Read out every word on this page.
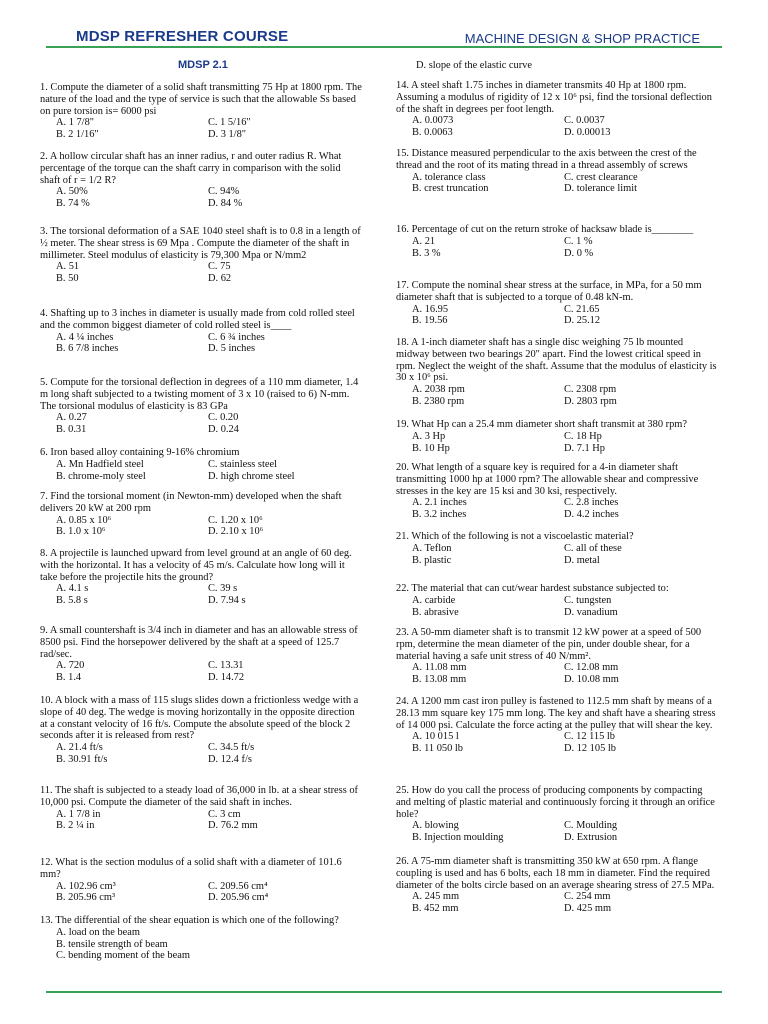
MDSP REFRESHER COURSE	MACHINE DESIGN & SHOP PRACTICE
MDSP 2.1
1. Compute the diameter of a solid shaft transmitting 75 Hp at 1800 rpm. The nature of the load and the type of service is such that the allowable Ss based on pure torsion is= 6000 psi
A. 1 7/8"	C. 1 5/16"
B. 2 1/16"	D. 3 1/8"
2. A hollow circular shaft has an inner radius, r and outer radius R. What percentage of the torque can the shaft carry in comparison with the solid shaft of r = 1/2 R?
A. 50%	C. 94%
B. 74 %	D. 84 %
3. The torsional deformation of a SAE 1040 steel shaft is to 0.8 in a length of ½ meter. The shear stress is 69 Mpa . Compute the diameter of the shaft in millimeter. Steel modulus of elasticity is 79,300 Mpa or N/mm2
A. 51	C. 75
B. 50	D. 62
4. Shafting up to 3 inches in diameter is usually made from cold rolled steel and the common biggest diameter of cold rolled steel is____
A. 4 ¼ inches	C. 6 ¾ inches
B. 6 7/8 inches	D. 5 inches
5. Compute for the torsional deflection in degrees of a 110 mm diameter, 1.4 m long shaft subjected to a twisting moment of 3 x 10 (raised to 6) N-mm. The torsional modulus of elasticity is 83 GPa
A. 0.27	C. 0.20
B. 0.31	D. 0.24
6. Iron based alloy containing 9-16% chromium
A. Mn Hadfield steel	C. stainless steel
B. chrome-moly steel	D. high chrome steel
7. Find the torsional moment (in Newton-mm) developed when the shaft delivers 20 kW at 200 rpm
A. 0.85 x 10⁶	C. 1.20 x 10⁶
B. 1.0 x 10⁶	D. 2.10 x 10⁶
8. A projectile is launched upward from level ground at an angle of 60 deg. with the horizontal. It has a velocity of 45 m/s. Calculate how long will it take before the projectile hits the ground?
A. 4.1 s	C. 39 s
B. 5.8 s	D. 7.94 s
9. A small countershaft is 3/4 inch in diameter and has an allowable stress of 8500 psi. Find the horsepower delivered by the shaft at a speed of 125.7 rad/sec.
A. 720	C. 13.31
B. 1.4	D. 14.72
10. A block with a mass of 115 slugs slides down a frictionless wedge with a slope of 40 deg. The wedge is moving horizontally in the opposite direction at a constant velocity of 16 ft/s. Compute the absolute speed of the block 2 seconds after it is released from rest?
A. 21.4 ft/s	C. 34.5 ft/s
B. 30.91 ft/s	D. 12.4 f/s
11. The shaft is subjected to a steady load of 36,000 in lb. at a shear stress of 10,000 psi. Compute the diameter of the said shaft in inches.
A. 1 7/8 in	C. 3 cm
B. 2 ¼ in	D. 76.2 mm
12. What is the section modulus of a solid shaft with a diameter of 101.6 mm?
A. 102.96 cm³	C. 209.56 cm⁴
B. 205.96 cm³	D. 205.96 cm⁴
13. The differential of the shear equation is which one of the following?
A. load on the beam
B. tensile strength of beam
C. bending moment of the beam
D. slope of the elastic curve
14. A steel shaft 1.75 inches in diameter transmits 40 Hp at 1800 rpm. Assuming a modulus of rigidity of 12 x 10⁶ psi, find the torsional deflection of the shaft in degrees per foot length.
A. 0.0073	C. 0.0037
B. 0.0063	D. 0.00013
15. Distance measured perpendicular to the axis between the crest of the thread and the root of its mating thread in a thread assembly of screws
A. tolerance class	C. crest clearance
B. crest truncation	D. tolerance limit
16. Percentage of cut on the return stroke of hacksaw blade is________
A. 21	C. 1 %
B. 3 %	D. 0 %
17. Compute the nominal shear stress at the surface, in MPa, for a 50 mm diameter shaft that is subjected to a torque of 0.48 kN-m.
A. 16.95	C. 21.65
B. 19.56	D. 25.12
18. A 1-inch diameter shaft has a single disc weighing 75 lb mounted midway between two bearings 20" apart. Find the lowest critical speed in rpm. Neglect the weight of the shaft. Assume that the modulus of elasticity is 30 x 10⁶ psi.
A. 2038 rpm	C. 2308 rpm
B. 2380 rpm	D. 2803 rpm
19. What Hp can a 25.4 mm diameter short shaft transmit at 380 rpm?
A. 3 Hp	C. 18 Hp
B. 10 Hp	D. 7.1 Hp
20. What length of a square key is required for a 4-in diameter shaft transmitting 1000 hp at 1000 rpm? The allowable shear and compressive stresses in the key are 15 ksi and 30 ksi, respectively.
A. 2.1 inches	C. 2.8 inches
B. 3.2 inches	D. 4.2 inches
21. Which of the following is not a viscoelastic material?
A. Teflon	C. all of these
B. plastic	D. metal
22. The material that can cut/wear hardest substance subjected to:
A. carbide	C. tungsten
B. abrasive	D. vanadium
23. A 50-mm diameter shaft is to transmit 12 kW power at a speed of 500 rpm, determine the mean diameter of the pin, under double shear, for a material having a safe unit stress of 40 N/mm².
A. 11.08 mm	C. 12.08 mm
B. 13.08 mm	D. 10.08 mm
24. A 1200 mm cast iron pulley is fastened to 112.5 mm shaft by means of a 28.13 mm square key 175 mm long. The key and shaft have a shearing stress of 14 000 psi. Calculate the force acting at the pulley that will shear the key.
A. 10 015 l	C. 12 115 lb
B. 11 050 lb	D. 12 105 lb
25. How do you call the process of producing components by compacting and melting of plastic material and continuously forcing it through an orifice hole?
A. blowing	C. Moulding
B. Injection moulding	D. Extrusion
26. A 75-mm diameter shaft is transmitting 350 kW at 650 rpm. A flange coupling is used and has 6 bolts, each 18 mm in diameter. Find the required diameter of the bolts circle based on an average shearing stress of 27.5 MPa.
A. 245 mm	C. 254 mm
B. 452 mm	D. 425 mm
